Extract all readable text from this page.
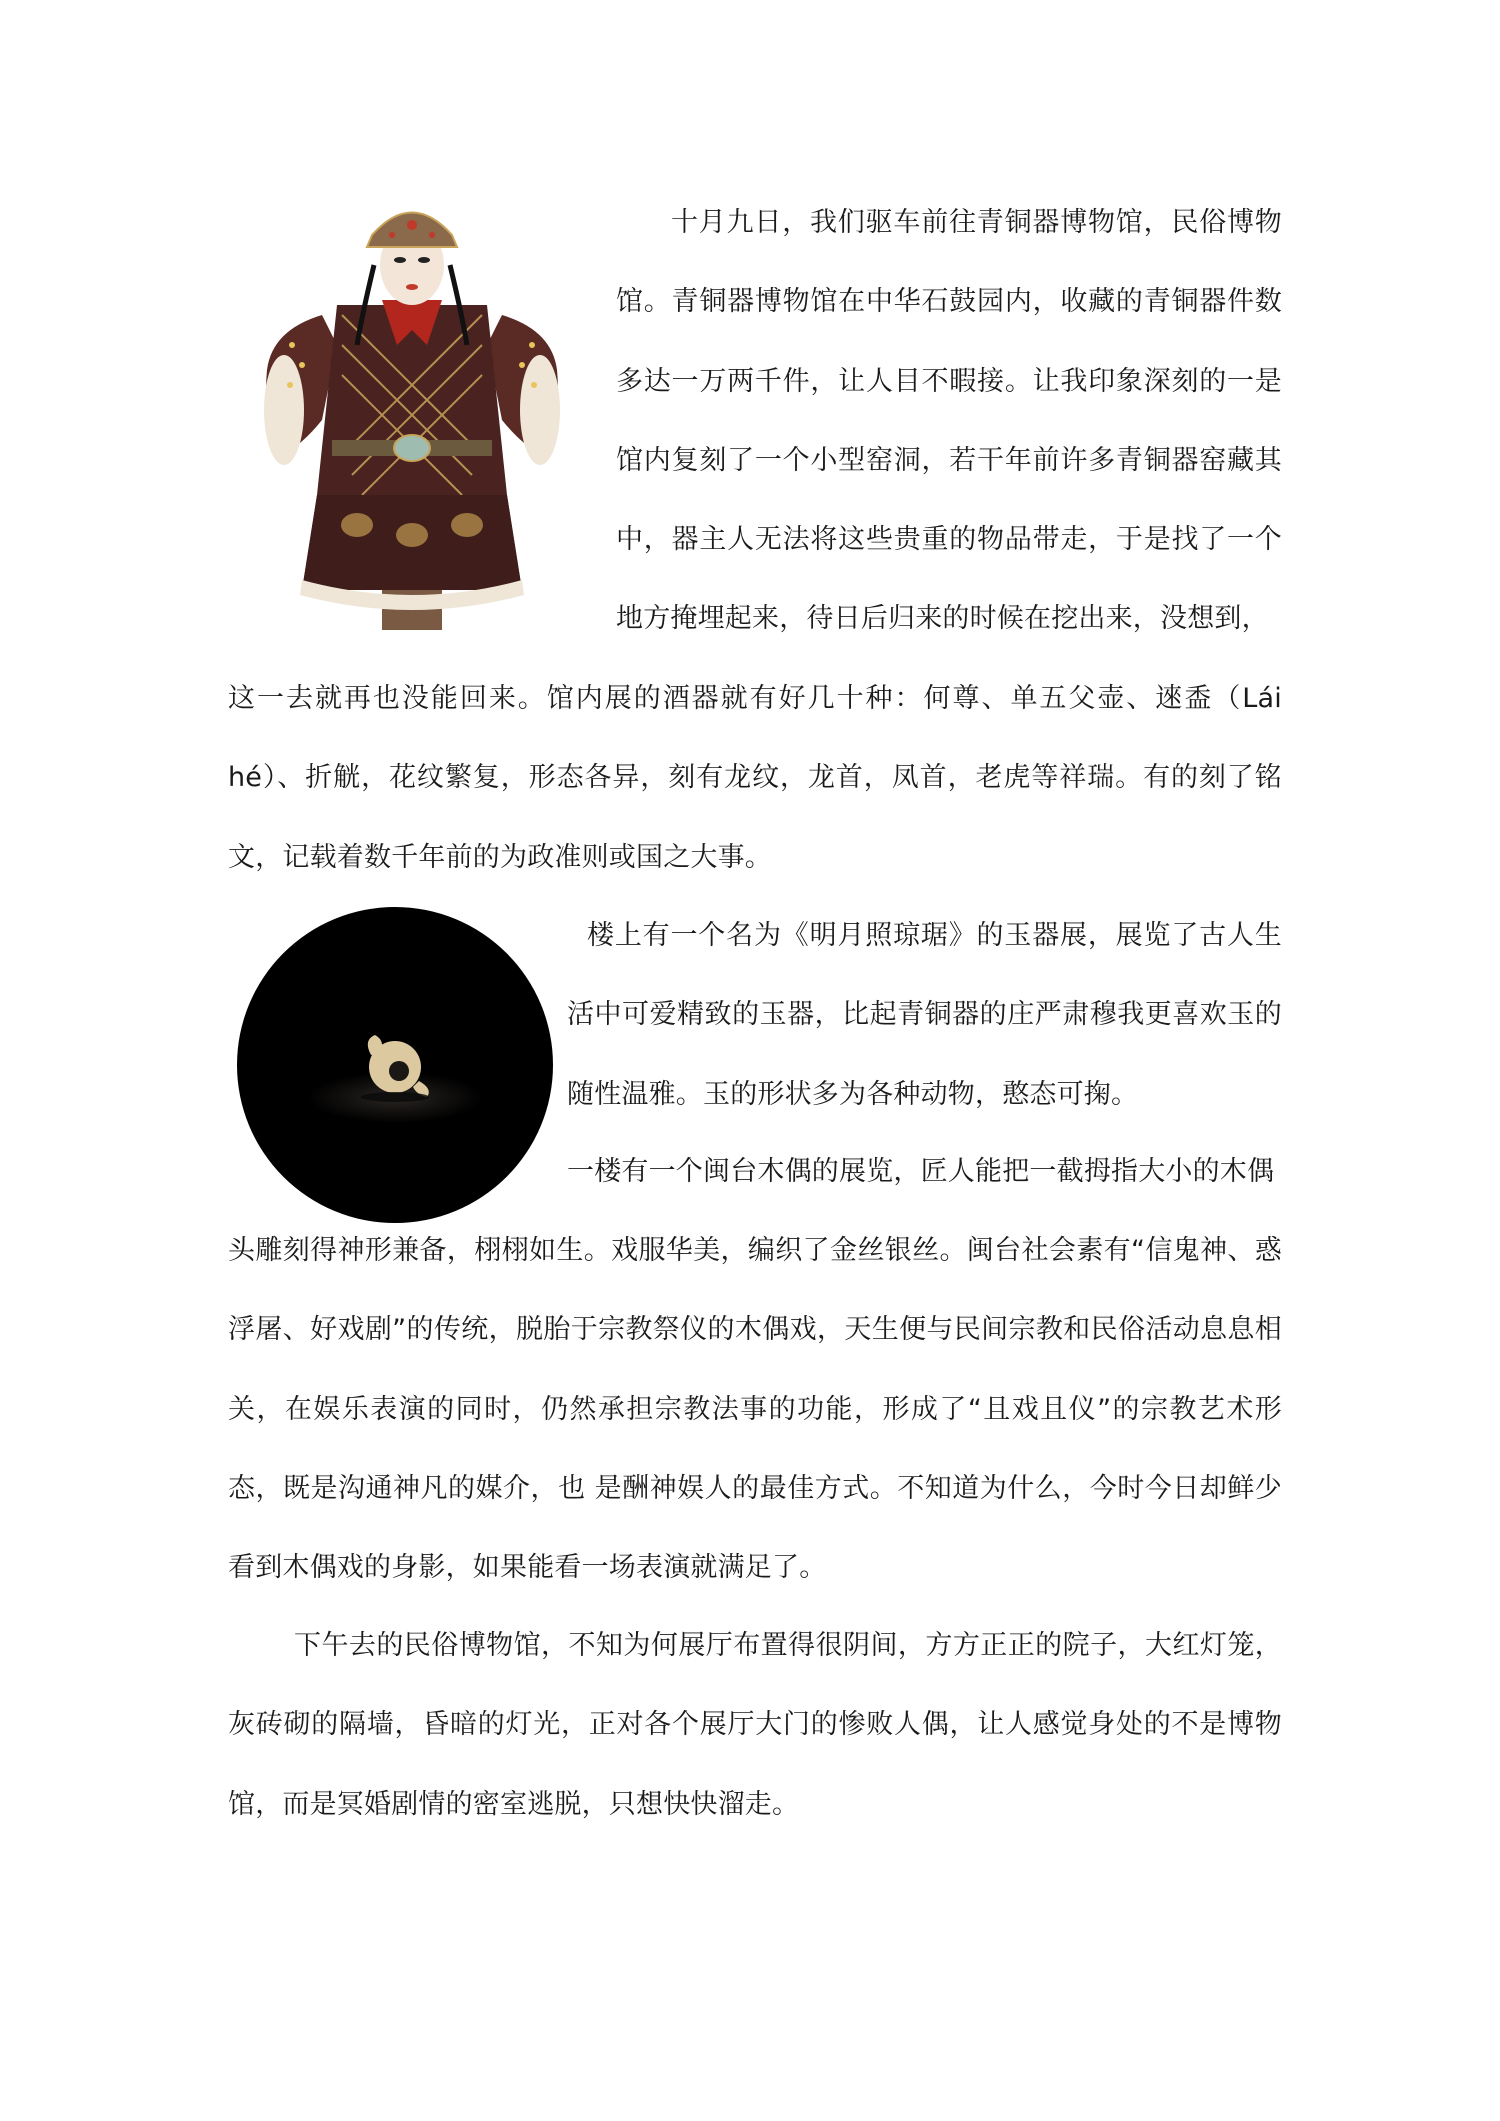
十月九日，我们驱车前往青铜器博物馆，民俗博物馆。青铜器博物馆在中华石鼓园内，收藏的青铜器件数多达一万两千件，让人目不暇接。让我印象深刻的一是馆内复刻了一个小型窑洞，若干年前许多青铜器窑藏其中，器主人无法将这些贵重的物品带走，于是找了一个地方掩埋起来，待日后归来的时候在挖出来，没想到，

这一去就再也没能回来。馆内展的酒器就有好几十种：何尊、单五父壶、逨盉（Lái hé）、折觥，花纹繁复，形态各异，刻有龙纹，龙首，凤首，老虎等祥瑞。有的刻了铭文，记载着数千年前的为政准则或国之大事。

楼上有一个名为《明月照琼琚》的玉器展，展览了古人生活中可爱精致的玉器，比起青铜器的庄严肃穆我更喜欢玉的随性温雅。玉的形状多为各种动物，憨态可掬。

一楼有一个闽台木偶的展览，匠人能把一截拇指大小的木偶

头雕刻得神形兼备，栩栩如生。戏服华美，编织了金丝银丝。闽台社会素有“信鬼神、惑浮屠、好戏剧”的传统，脱胎于宗教祭仪的木偶戏，天生便与民间宗教和民俗活动息息相关，在娱乐表演的同时，仍然承担宗教法事的功能，形成了“且戏且仪”的宗教艺术形态，既是沟通神凡的媒介，也 是酬神娱人的最佳方式。不知道为什么，今时今日却鲜少看到木偶戏的身影，如果能看一场表演就满足了。

下午去的民俗博物馆，不知为何展厅布置得很阴间，方方正正的院子，大红灯笼，灰砖砌的隔墙，昏暗的灯光，正对各个展厅大门的惨败人偶，让人感觉身处的不是博物馆，而是冥婚剧情的密室逃脱，只想快快溜走。
